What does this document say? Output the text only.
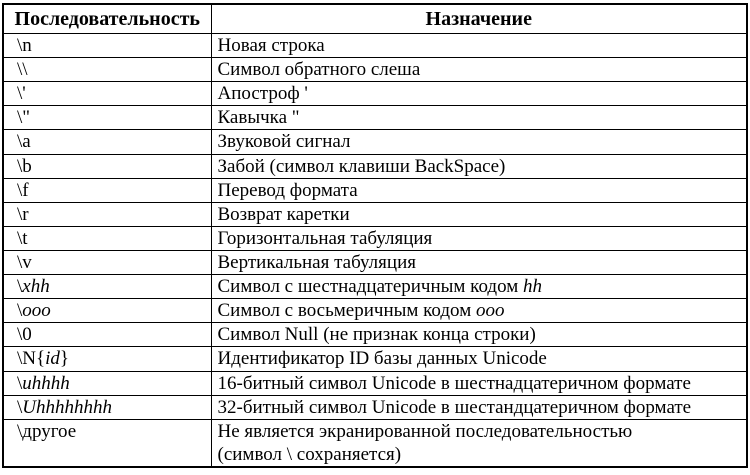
Последовательность	Назначение
\n	Новая строка
\\	Символ обратного слеша
\'	Апостроф '
\"	Кавычка "
\a	Звуковой сигнал
\b	Забой (символ клавиши BackSpace)
\f	Перевод формата
\r	Возврат каретки
\t	Горизонтальная табуляция
\v	Вертикальная табуляция
\xhh	Символ с шестнадцатеричным кодом hh
\ooo	Символ с восьмеричным кодом ooo
\0	Символ Null (не признак конца строки)
\N{id}	Идентификатор ID базы данных Unicode
\uhhhh	16-битный символ Unicode в шестнадцатеричном формате
\Uhhhhhhhh	32-битный символ Unicode в шестандцатеричном формате
\другое	Не является экранированной последовательностью
(символ \ сохраняется)
